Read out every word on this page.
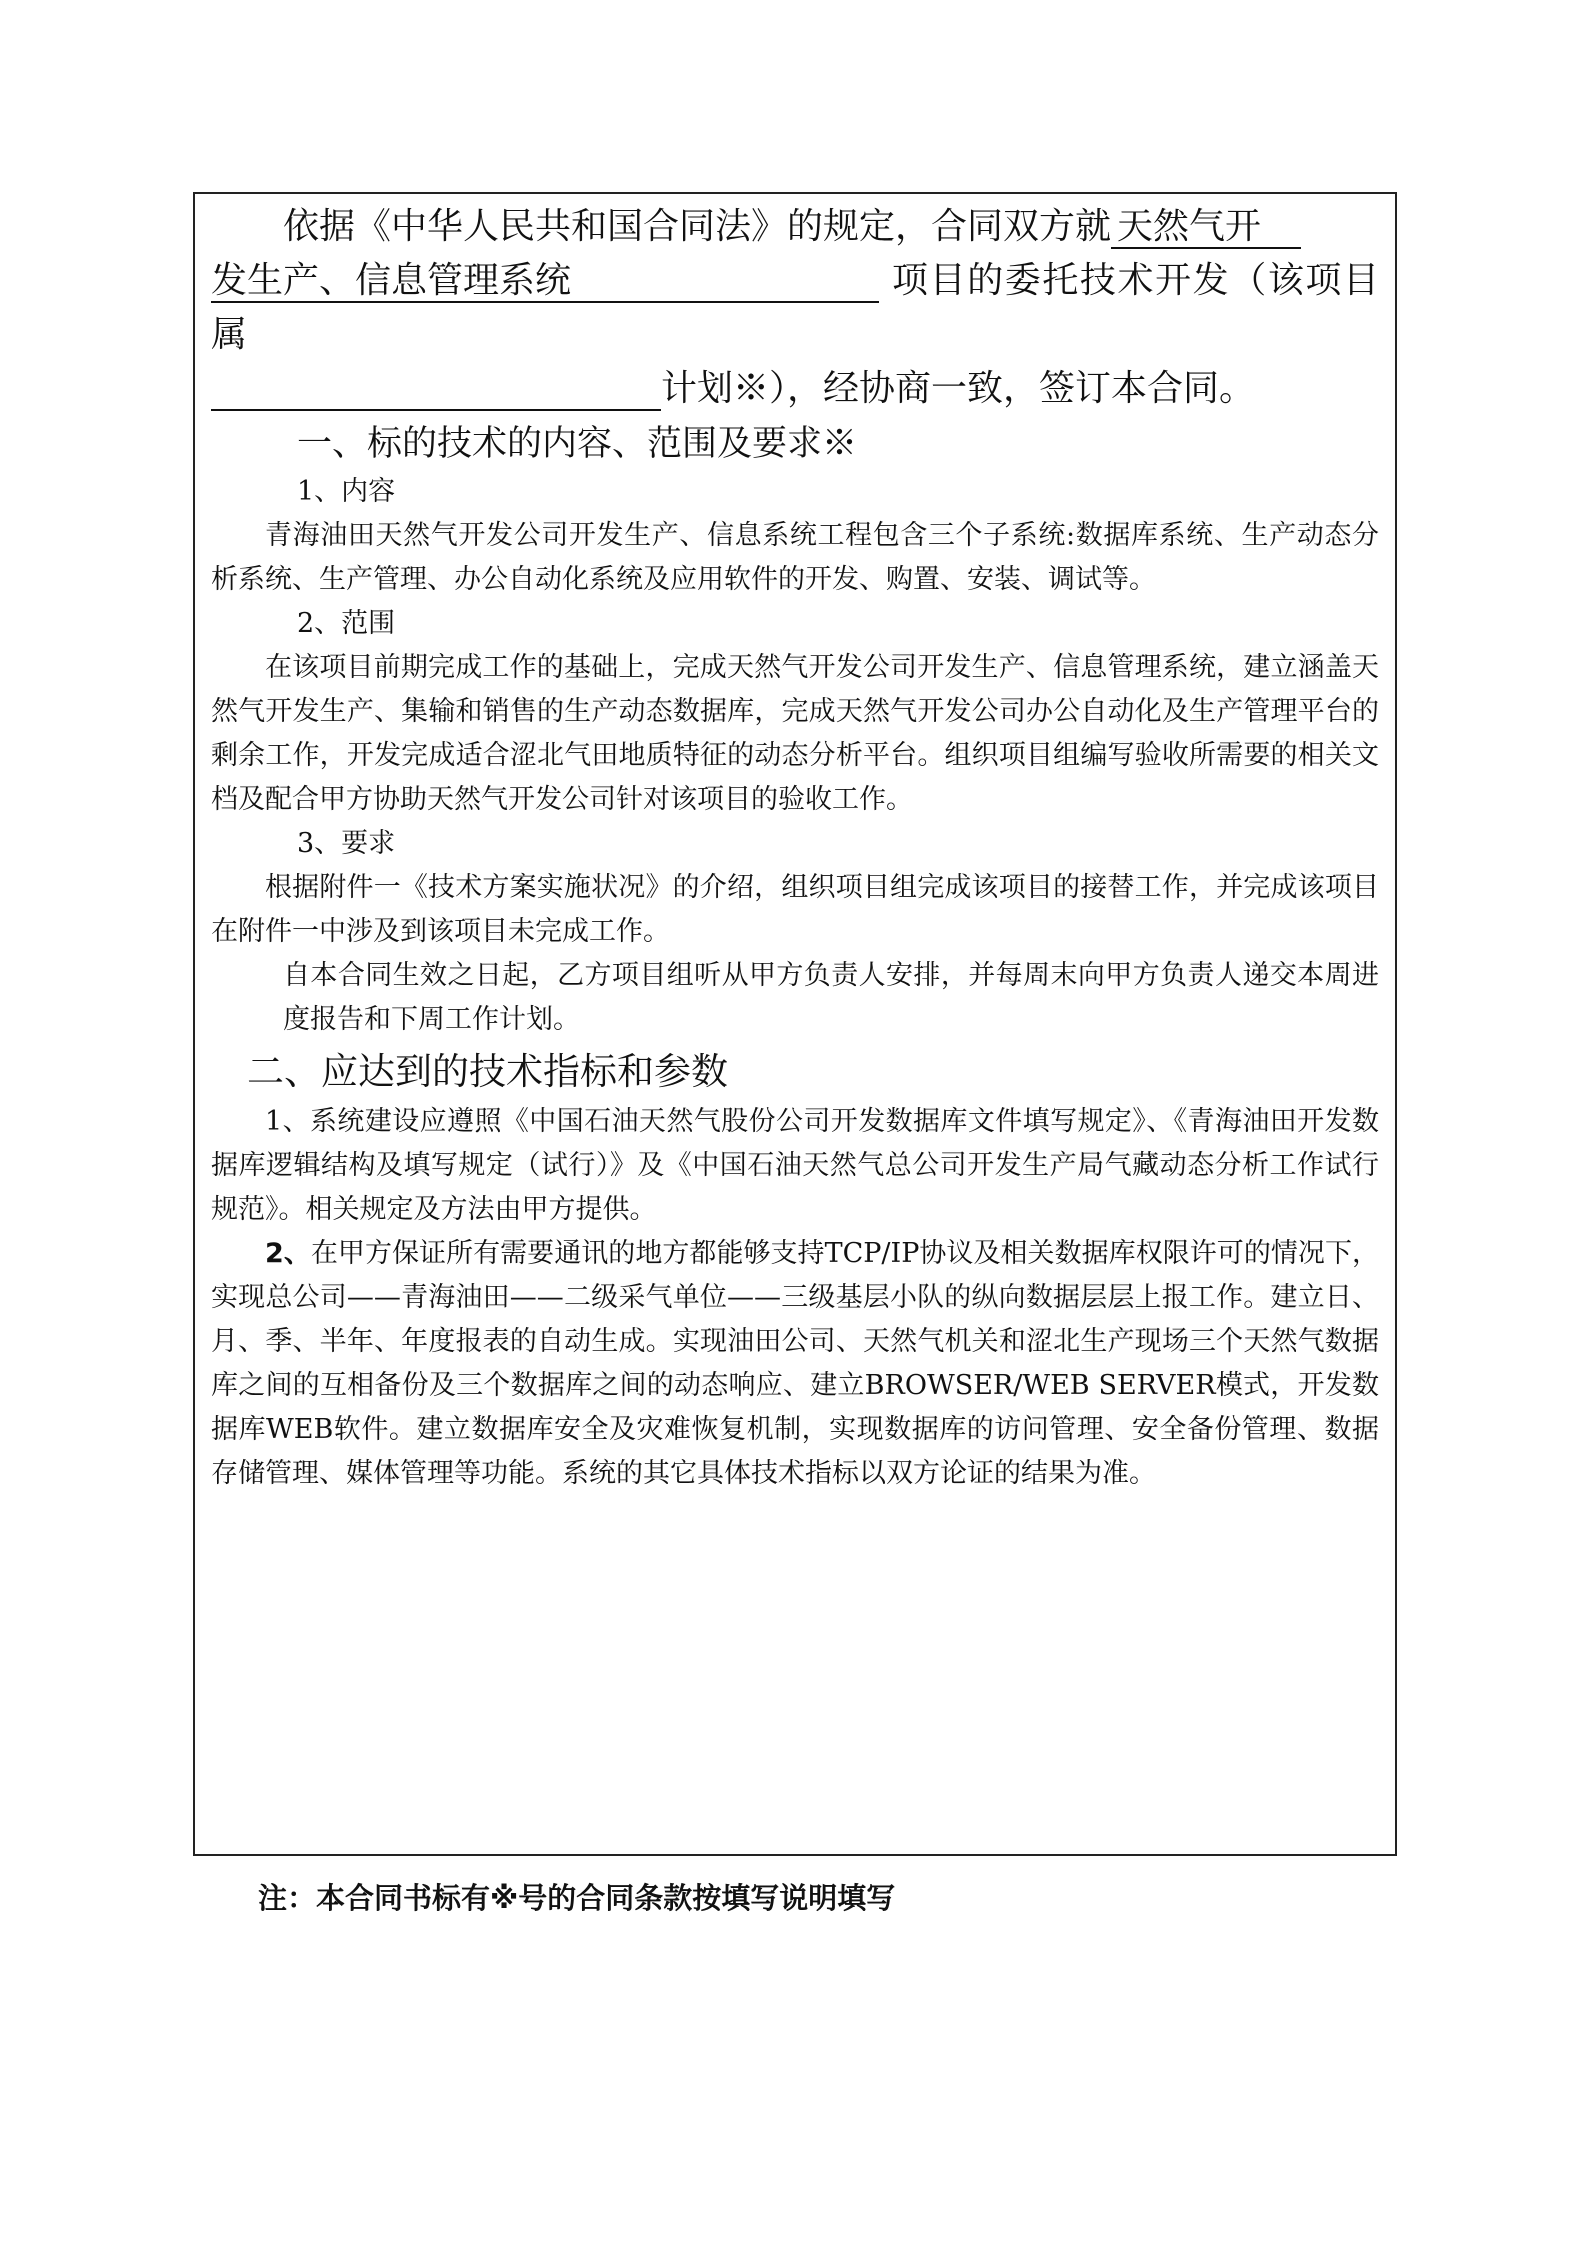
依据《中华人民共和国合同法》的规定，合同双方就 天然气开
发生产、信息管理系统	项目的委托技术开发（该项目属
计划※），经协商一致，签订本合同。

一、标的技术的内容、范围及要求※

1、内容

青海油田天然气开发公司开发生产、信息系统工程包含三个子系统:数据库系统、生产动态分析系统、生产管理、办公自动化系统及应用软件的开发、购置、安装、调试等。

2、范围

在该项目前期完成工作的基础上，完成天然气开发公司开发生产、信息管理系统，建立涵盖天然气开发生产、集输和销售的生产动态数据库，完成天然气开发公司办公自动化及生产管理平台的剩余工作，开发完成适合涩北气田地质特征的动态分析平台。组织项目组编写验收所需要的相关文档及配合甲方协助天然气开发公司针对该项目的验收工作。

3、要求

根据附件一《技术方案实施状况》的介绍，组织项目组完成该项目的接替工作，并完成该项目在附件一中涉及到该项目未完成工作。

自本合同生效之日起，乙方项目组听从甲方负责人安排，并每周末向甲方负责人递交本周进度报告和下周工作计划。

二、应达到的技术指标和参数

1、系统建设应遵照《中国石油天然气股份公司开发数据库文件填写规定》、《青海油田开发数据库逻辑结构及填写规定（试行）》及《中国石油天然气总公司开发生产局气藏动态分析工作试行规范》。相关规定及方法由甲方提供。

2、在甲方保证所有需要通讯的地方都能够支持TCP/IP协议及相关数据库权限许可的情况下，实现总公司——青海油田——二级采气单位——三级基层小队的纵向数据层层上报工作。建立日、月、季、半年、年度报表的自动生成。实现油田公司、天然气机关和涩北生产现场三个天然气数据库之间的互相备份及三个数据库之间的动态响应、建立BROWSER/WEB SERVER模式，开发数据库WEB软件。建立数据库安全及灾难恢复机制，实现数据库的访问管理、安全备份管理、数据存储管理、媒体管理等功能。系统的其它具体技术指标以双方论证的结果为准。

注：本合同书标有※号的合同条款按填写说明填写
